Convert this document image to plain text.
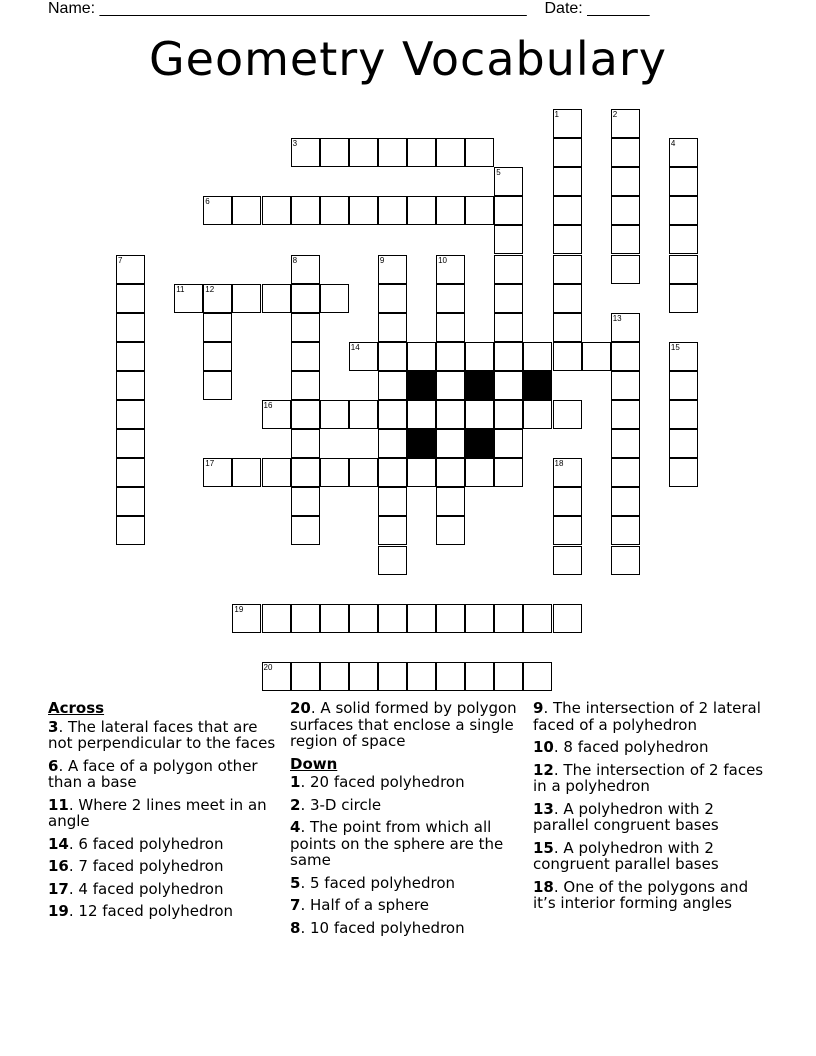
Name: ________________________________________________ Date: _______
Geometry Vocabulary
1	2
4
3
5
6
7	8	9	10
11	12
13
14	15
16
17	18
19
20
Across
3. The lateral faces that are not perpendicular to the faces
6. A face of a polygon other than a base
11. Where 2 lines meet in an angle
14. 6 faced polyhedron
16. 7 faced polyhedron
17. 4 faced polyhedron
19. 12 faced polyhedron
20. A solid formed by polygon surfaces that enclose a single region of space
Down
1. 20 faced polyhedron
2. 3-D circle
4. The point from which all points on the sphere are the same
5. 5 faced polyhedron
7. Half of a sphere
8. 10 faced polyhedron
9. The intersection of 2 lateral faced of a polyhedron
10. 8 faced polyhedron
12. The intersection of 2 faces in a polyhedron
13. A polyhedron with 2 parallel congruent bases
15. A polyhedron with 2 congruent parallel bases
18. One of the polygons and it’s interior forming angles
